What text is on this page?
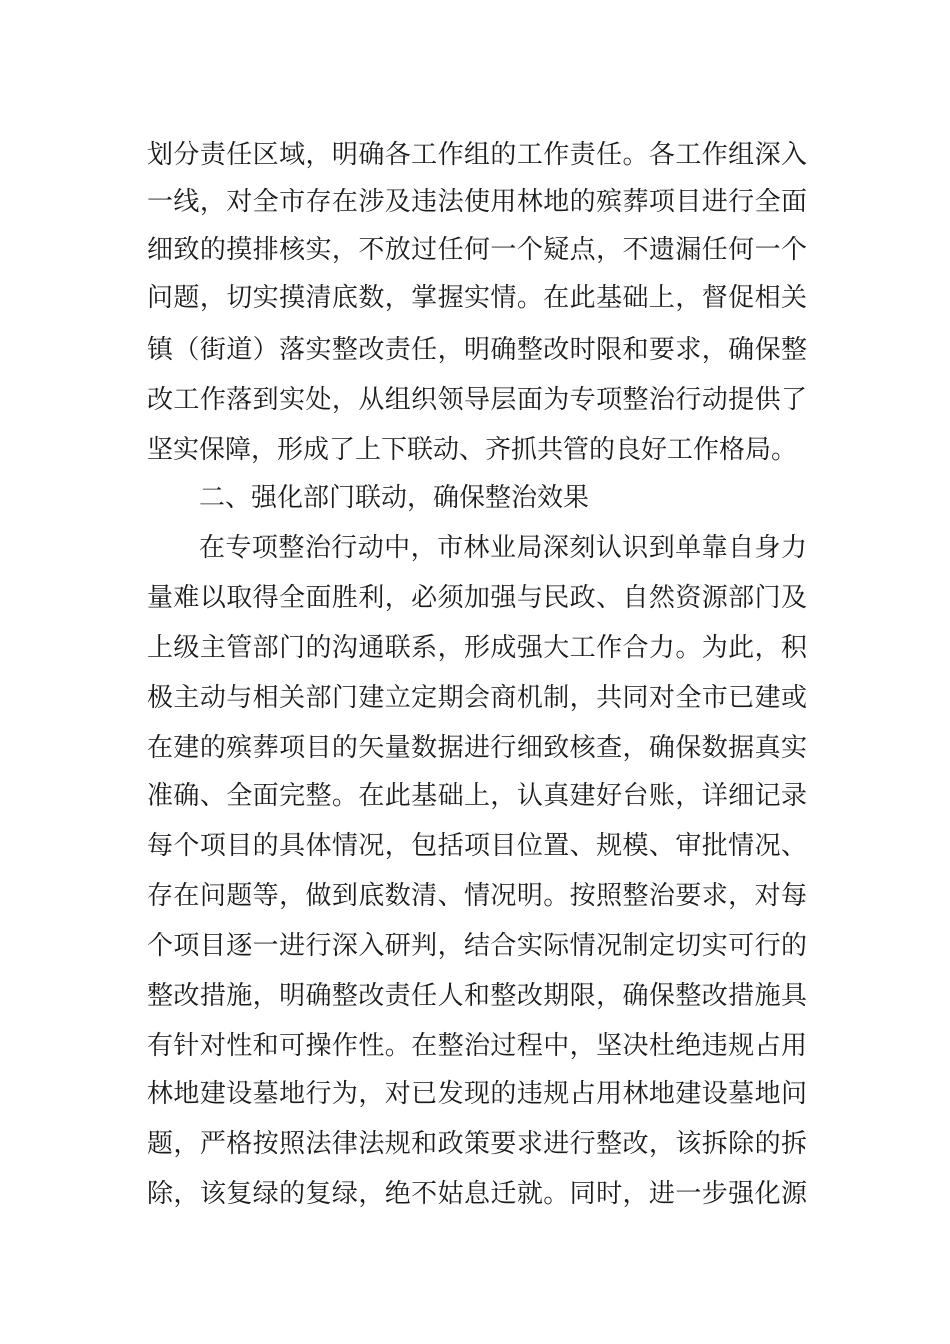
划分责任区域，明确各工作组的工作责任。各工作组深入
一线，对全市存在涉及违法使用林地的殡葬项目进行全面
细致的摸排核实，不放过任何一个疑点，不遗漏任何一个
问题，切实摸清底数，掌握实情。在此基础上，督促相关
镇（街道）落实整改责任，明确整改时限和要求，确保整
改工作落到实处，从组织领导层面为专项整治行动提供了
坚实保障，形成了上下联动、齐抓共管的良好工作格局。
二、强化部门联动，确保整治效果
在专项整治行动中，市林业局深刻认识到单靠自身力
量难以取得全面胜利，必须加强与民政、自然资源部门及
上级主管部门的沟通联系，形成强大工作合力。为此，积
极主动与相关部门建立定期会商机制，共同对全市已建或
在建的殡葬项目的矢量数据进行细致核查，确保数据真实
准确、全面完整。在此基础上，认真建好台账，详细记录
每个项目的具体情况，包括项目位置、规模、审批情况、
存在问题等，做到底数清、情况明。按照整治要求，对每
个项目逐一进行深入研判，结合实际情况制定切实可行的
整改措施，明确整改责任人和整改期限，确保整改措施具
有针对性和可操作性。在整治过程中，坚决杜绝违规占用
林地建设墓地行为，对已发现的违规占用林地建设墓地问
题，严格按照法律法规和政策要求进行整改，该拆除的拆
除，该复绿的复绿，绝不姑息迁就。同时，进一步强化源
